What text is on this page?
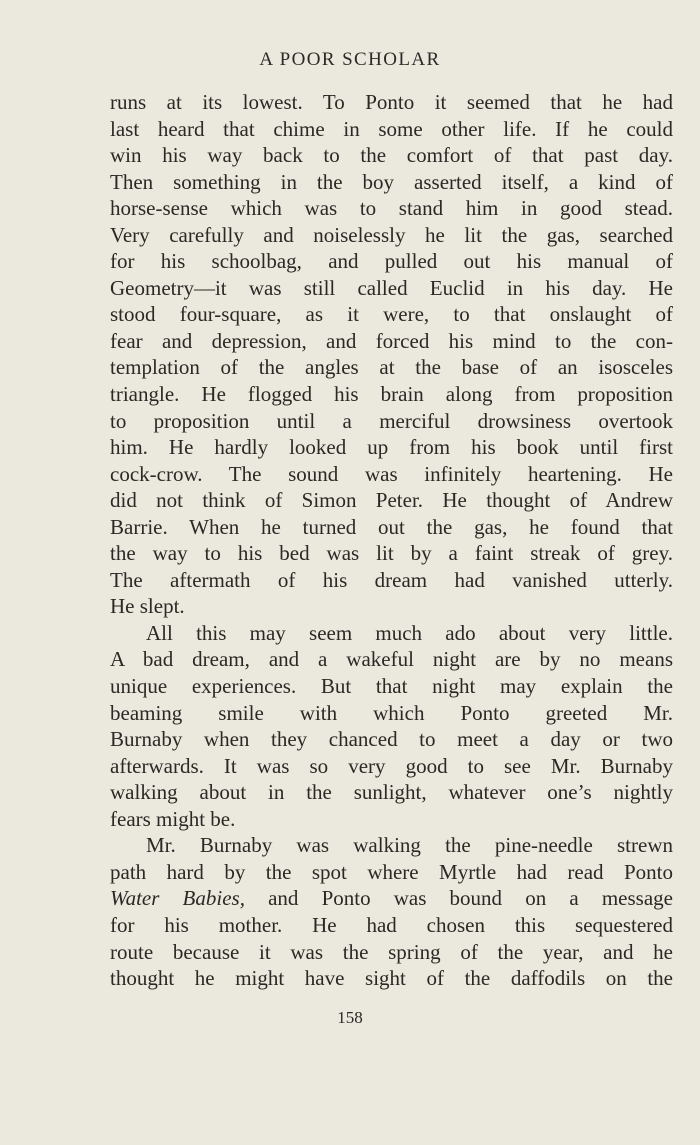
A POOR SCHOLAR
runs at its lowest. To Ponto it seemed that he had
last heard that chime in some other life. If he could
win his way back to the comfort of that past day.
Then something in the boy asserted itself, a kind of
horse-sense which was to stand him in good stead.
Very carefully and noiselessly he lit the gas, searched
for his schoolbag, and pulled out his manual of
Geometry—it was still called Euclid in his day. He
stood four-square, as it were, to that onslaught of
fear and depression, and forced his mind to the con-
templation of the angles at the base of an isosceles
triangle. He flogged his brain along from proposition
to proposition until a merciful drowsiness overtook
him. He hardly looked up from his book until first
cock-crow. The sound was infinitely heartening. He
did not think of Simon Peter. He thought of Andrew
Barrie. When he turned out the gas, he found that
the way to his bed was lit by a faint streak of grey.
The aftermath of his dream had vanished utterly.
He slept.
All this may seem much ado about very little.
A bad dream, and a wakeful night are by no means
unique experiences. But that night may explain the
beaming smile with which Ponto greeted Mr.
Burnaby when they chanced to meet a day or two
afterwards. It was so very good to see Mr. Burnaby
walking about in the sunlight, whatever one’s nightly
fears might be.
Mr. Burnaby was walking the pine-needle strewn
path hard by the spot where Myrtle had read Ponto
Water Babies, and Ponto was bound on a message
for his mother. He had chosen this sequestered
route because it was the spring of the year, and he
thought he might have sight of the daffodils on the
158
